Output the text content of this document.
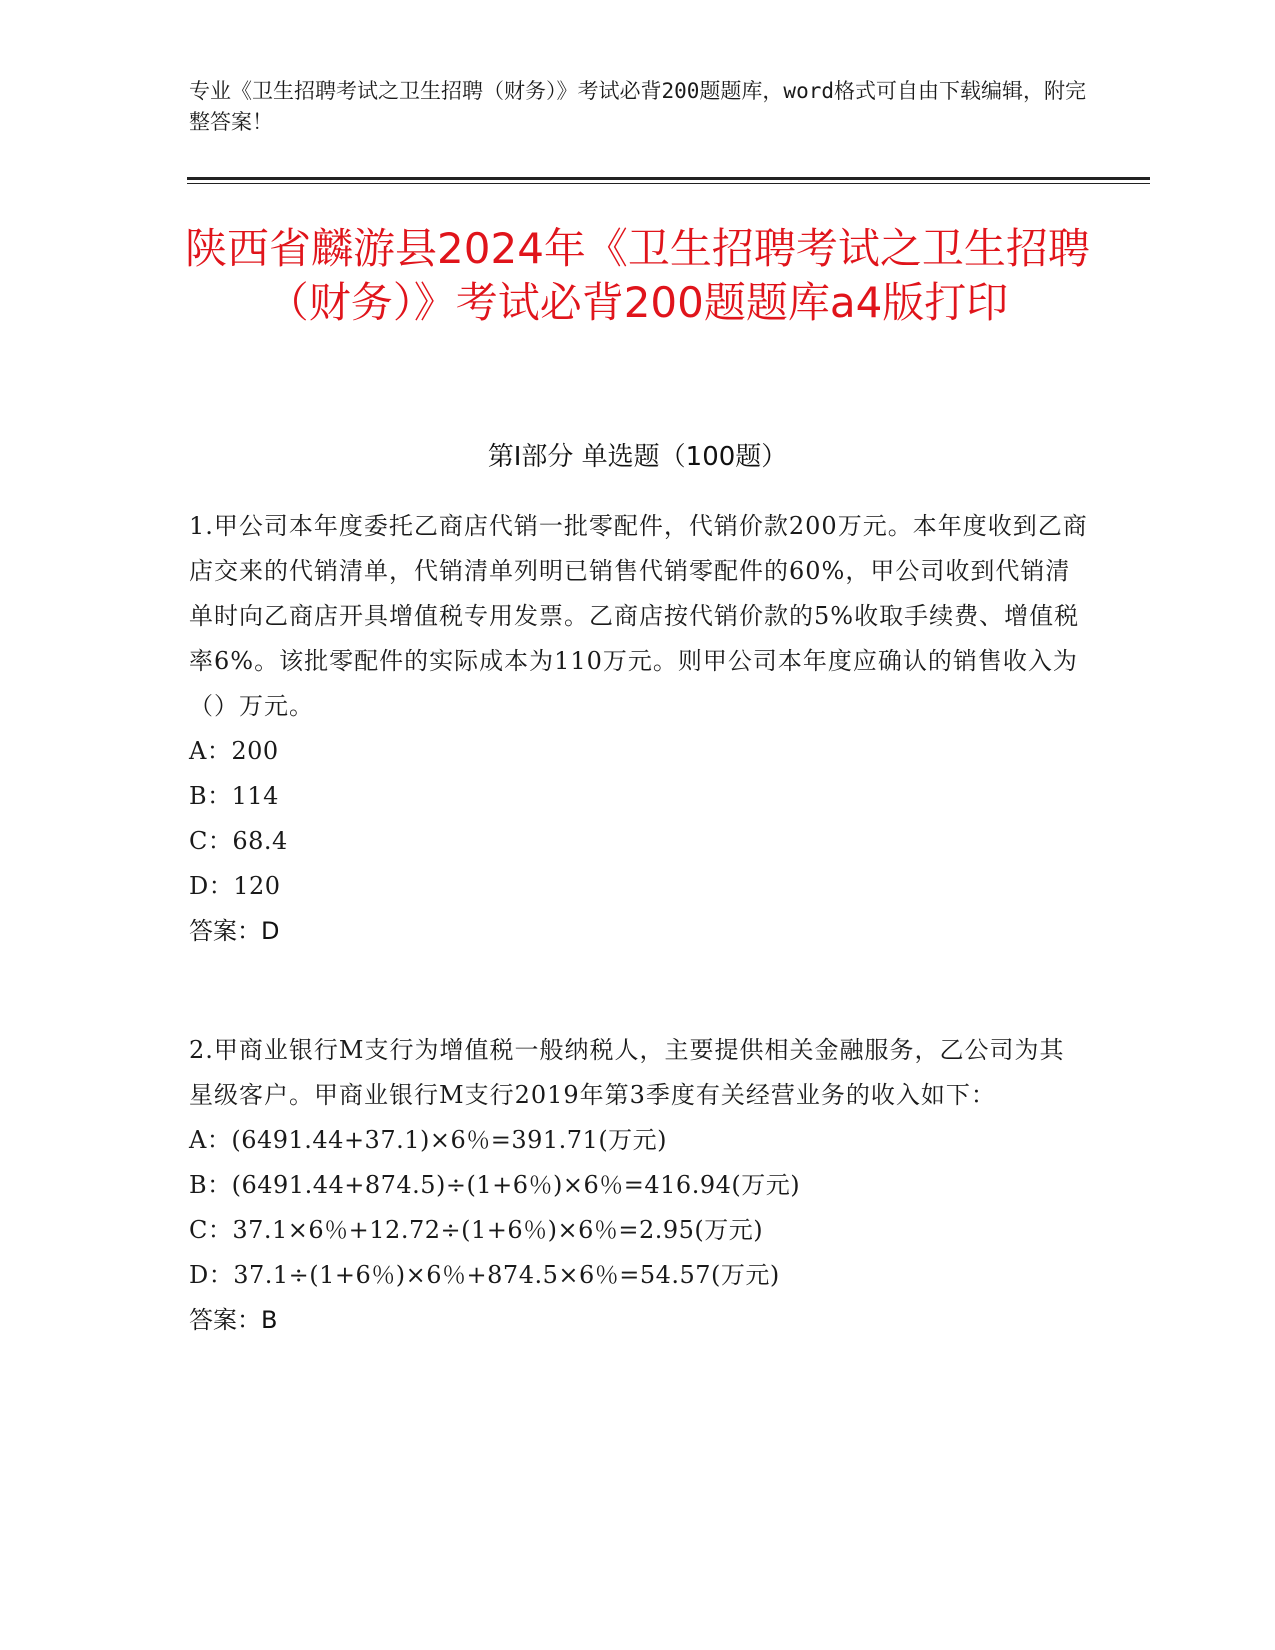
专业《卫生招聘考试之卫生招聘（财务）》考试必背200题题库，word格式可自由下载编辑，附完整答案！
陕西省麟游县2024年《卫生招聘考试之卫生招聘（财务）》考试必背200题题库a4版打印
第I部分 单选题（100题）
1.甲公司本年度委托乙商店代销一批零配件，代销价款200万元。本年度收到乙商店交来的代销清单，代销清单列明已销售代销零配件的60%，甲公司收到代销清单时向乙商店开具增值税专用发票。乙商店按代销价款的5%收取手续费、增值税率6%。该批零配件的实际成本为110万元。则甲公司本年度应确认的销售收入为（）万元。
A：200
B：114
C：68.4
D：120
答案：D
2.甲商业银行M支行为增值税一般纳税人，主要提供相关金融服务，乙公司为其星级客户。甲商业银行M支行2019年第3季度有关经营业务的收入如下：
A：(6491.44+37.1)×6％=391.71(万元)
B：(6491.44+874.5)÷(1+6％)×6％=416.94(万元)
C：37.1×6％+12.72÷(1+6％)×6％=2.95(万元)
D：37.1÷(1+6％)×6％+874.5×6％=54.57(万元)
答案：B
